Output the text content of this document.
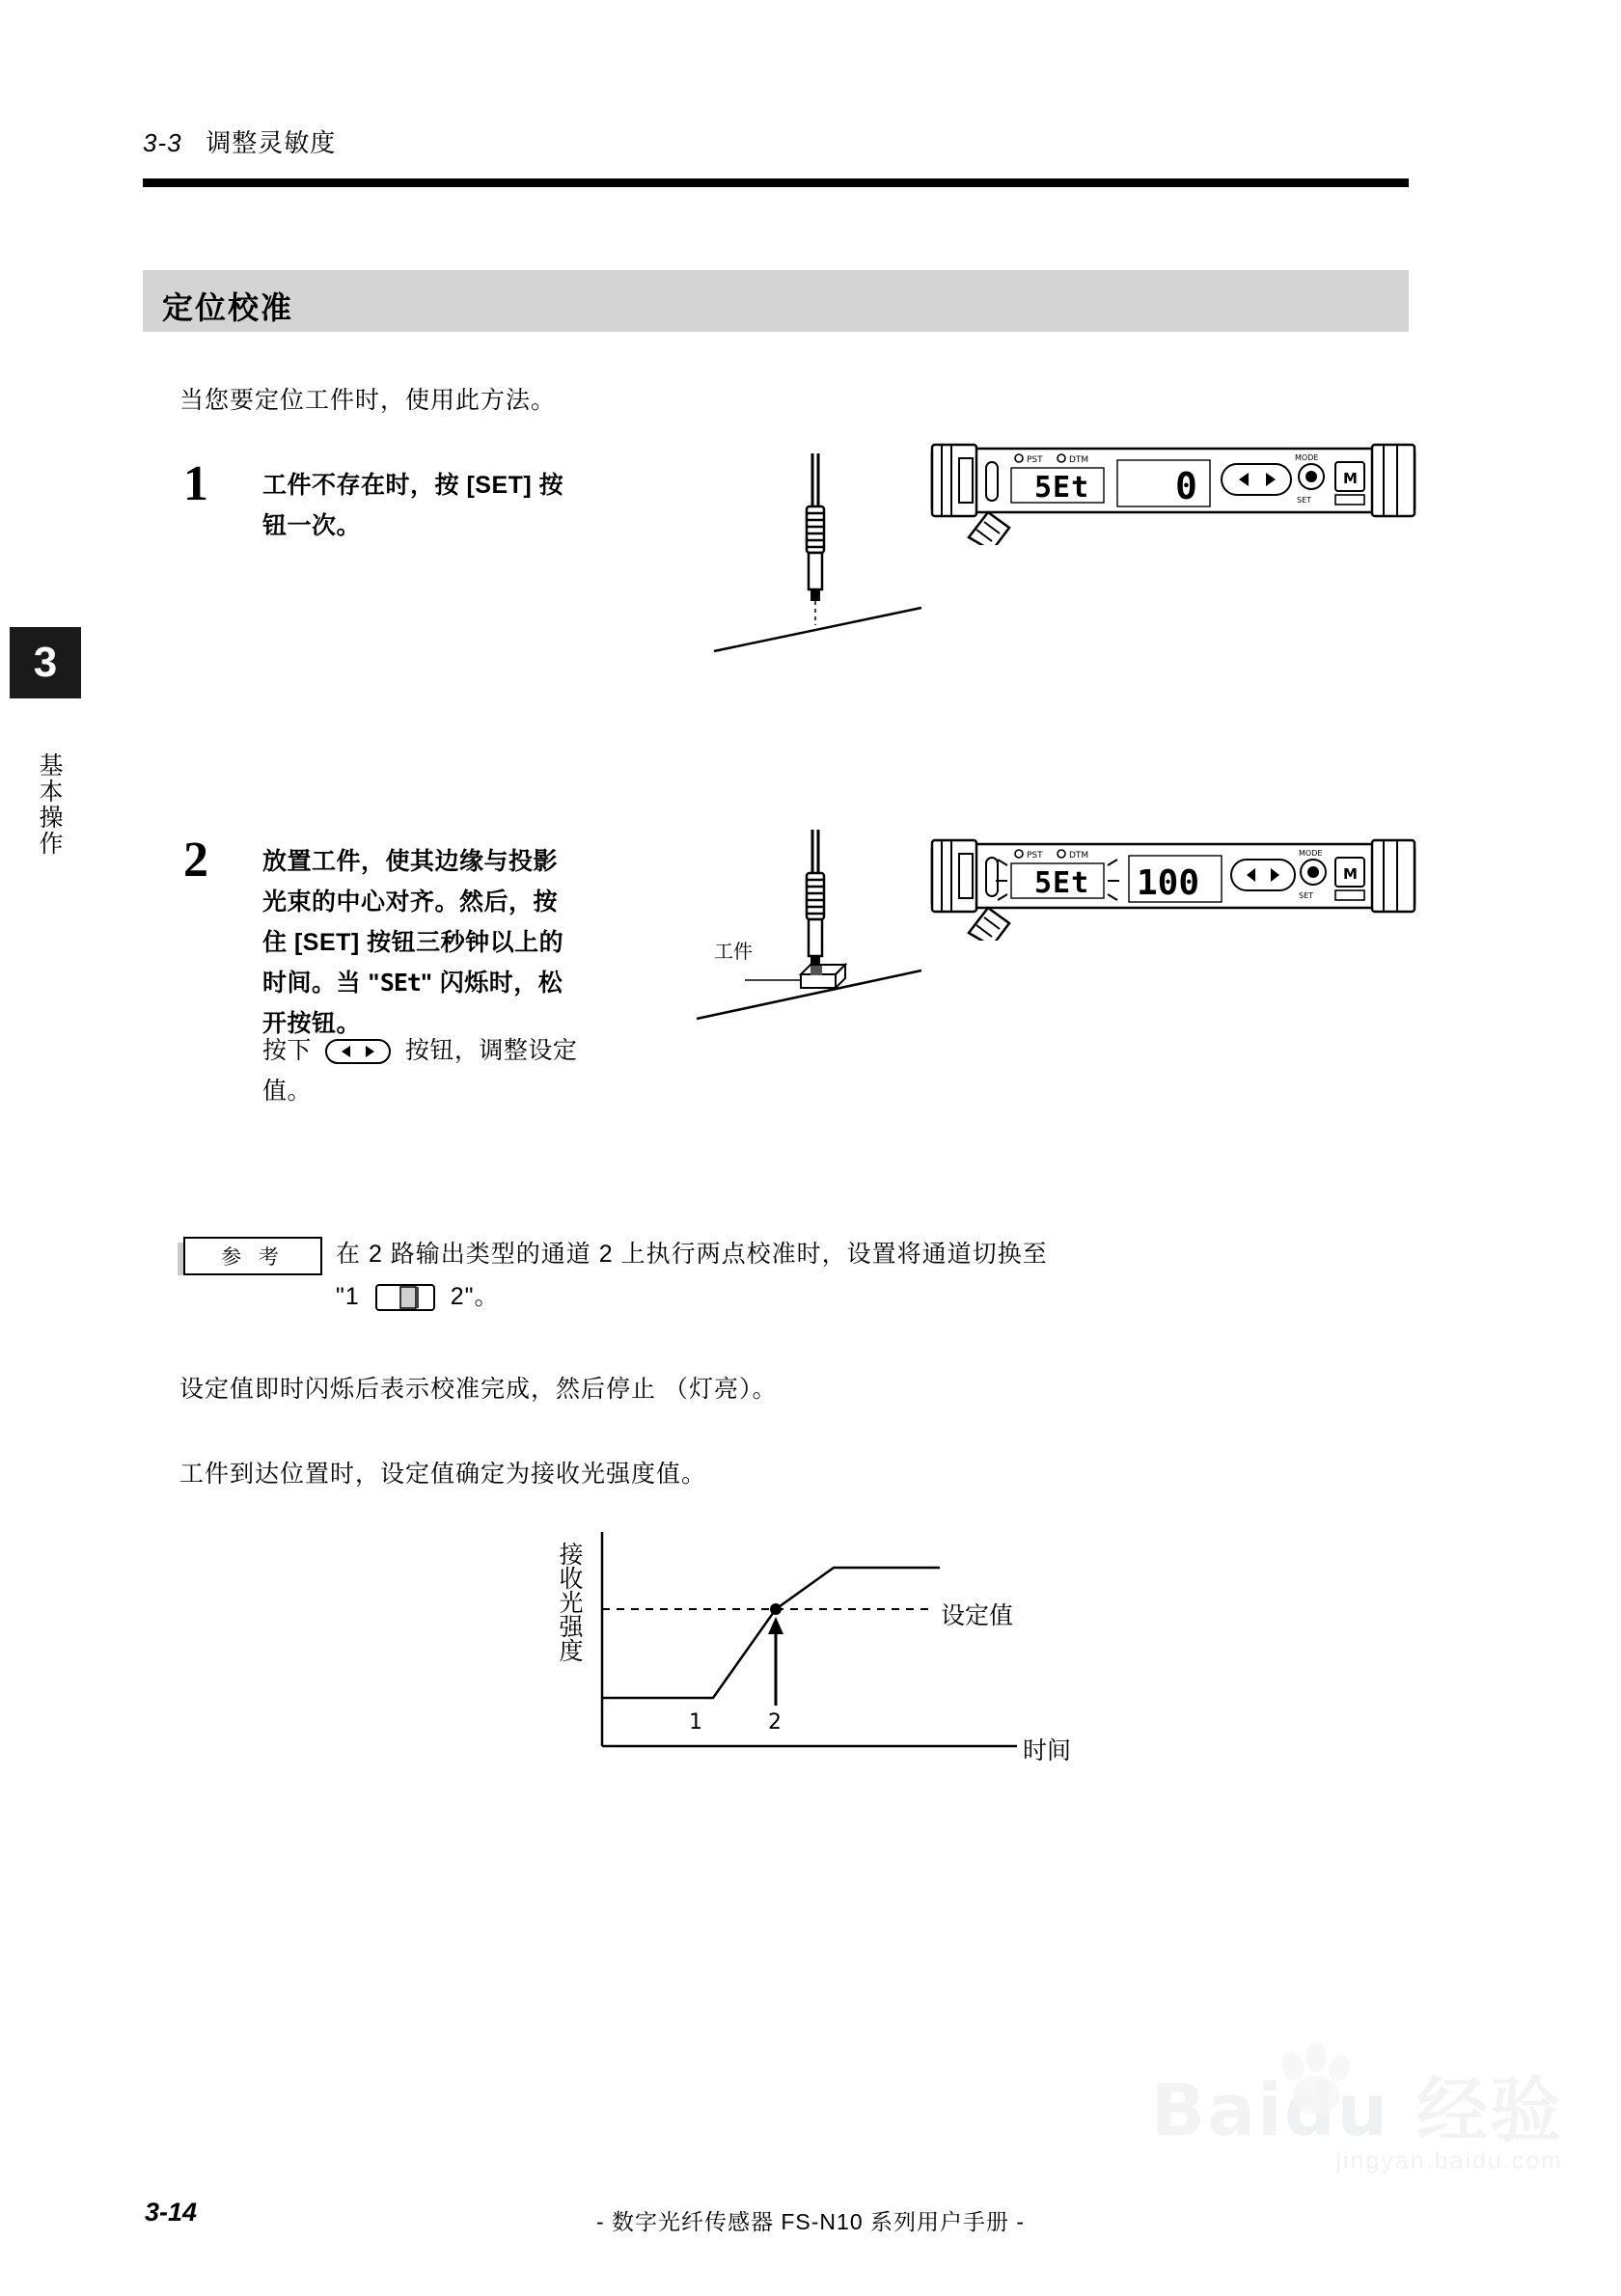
3-3 调整灵敏度
3
基本操作
定位校准
当您要定位工件时，使用此方法。
1 工件不存在时，按 [SET] 按钮一次。
PST	DTM
5Et 0
MODE
SET
M
2 放置工件，使其边缘与投影
光束的中心对齐。然后，按
住 [SET] 按钮三秒钟以上的
时间。当 "SEt" 闪烁时，松
开按钮。
按下	按钮，调整设定
值。
工件
PST	DTM
5Et 100
MODE
SET
M
参 考	在 2 路输出类型的通道 2 上执行两点校准时，设置将通道切换至
"1	2"。
设定值即时闪烁后表示校准完成，然后停止 （灯亮）。
工件到达位置时，设定值确定为接收光强度值。
接收光强度
1	2
设定值
时间
Baidu 经验
jingyan.baidu.com
3-14	- 数字光纤传感器 FS-N10 系列用户手册 -
